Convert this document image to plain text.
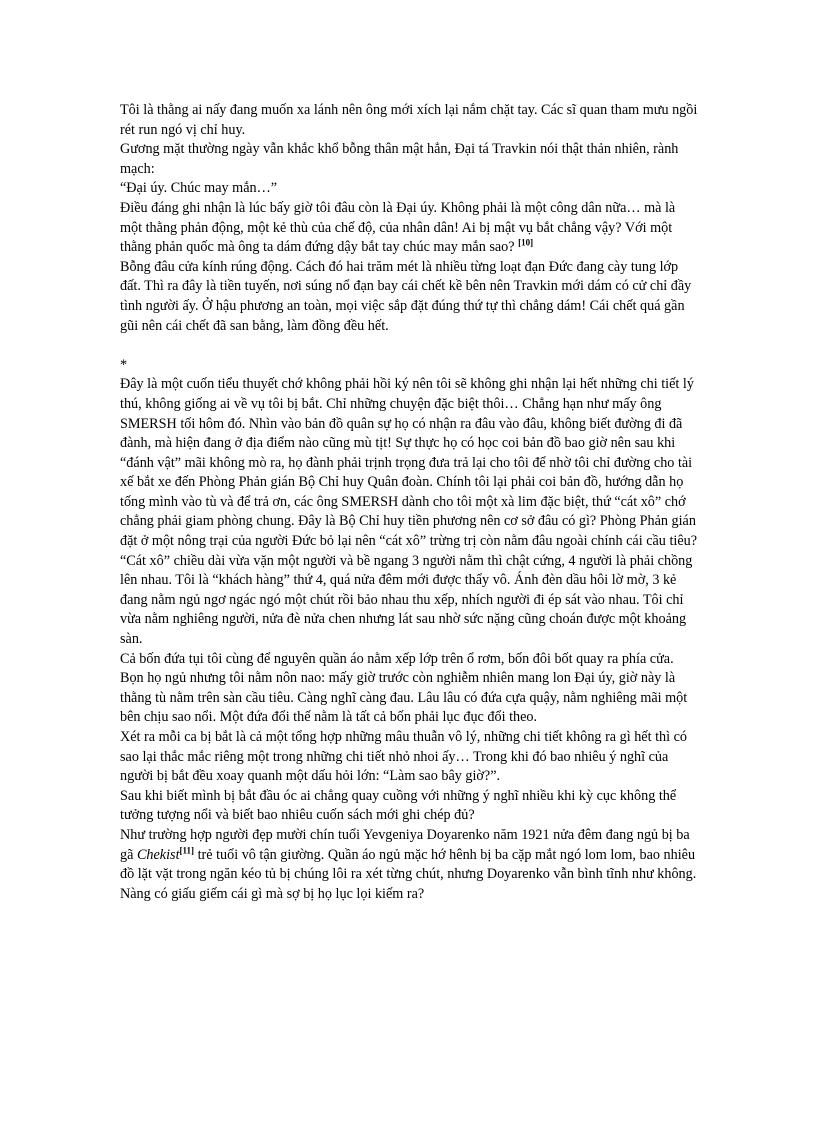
Tôi là thằng ai nấy đang muốn xa lánh nên ông mới xích lại nắm chặt tay. Các sĩ quan tham mưu ngồi rét run ngó vị chỉ huy.

Gương mặt thường ngày vẫn khắc khổ bỗng thân mật hẳn, Đại tá Travkin nói thật thản nhiên, rành mạch:

“Đại úy. Chúc may mắn…”

Điều đáng ghi nhận là lúc bấy giờ tôi đâu còn là Đại úy. Không phải là một công dân nữa… mà là một thằng phản động, một kẻ thù của chế độ, của nhân dân! Ai bị mật vụ bắt chẳng vậy? Với một thằng phản quốc mà ông ta dám đứng dậy bắt tay chúc may mắn sao? [10]

Bỗng đâu cửa kính rúng động. Cách đó hai trăm mét là nhiều từng loạt đạn Đức đang cày tung lớp đất. Thì ra đây là tiền tuyến, nơi súng nổ đạn bay cái chết kề bên nên Travkin mới dám có cử chỉ đầy tình người ấy. Ở hậu phương an toàn, mọi việc sắp đặt đúng thứ tự thì chẳng dám! Cái chết quá gần gũi nên cái chết đã san bằng, làm đồng đều hết.

*

Đây là một cuốn tiểu thuyết chớ không phải hồi ký nên tôi sẽ không ghi nhận lại hết những chi tiết lý thú, không giống ai về vụ tôi bị bắt. Chỉ những chuyện đặc biệt thôi… Chẳng hạn như mấy ông SMERSH tối hôm đó. Nhìn vào bản đồ quân sự họ có nhận ra đâu vào đâu, không biết đường đi đã đành, mà hiện đang ở địa điểm nào cũng mù tịt! Sự thực họ có học coi bản đồ bao giờ nên sau khi “đánh vật” mãi không mò ra, họ đành phải trịnh trọng đưa trả lại cho tôi để nhờ tôi chỉ đường cho tài xế bắt xe đến Phòng Phản gián Bộ Chỉ huy Quân đoàn. Chính tôi lại phải coi bản đồ, hướng dẫn họ tống mình vào tù và để trả ơn, các ông SMERSH dành cho tôi một xà lim đặc biệt, thứ “cát xô” chớ chẳng phải giam phòng chung. Đây là Bộ Chỉ huy tiền phương nên cơ sở đâu có gì? Phòng Phản gián đặt ở một nông trại của người Đức bỏ lại nên “cát xô” trừng trị còn nằm đâu ngoài chính cái cầu tiêu?

“Cát xô” chiều dài vừa vặn một người và bề ngang 3 người nằm thì chật cứng, 4 người là phải chồng lên nhau. Tôi là “khách hàng” thứ 4, quá nửa đêm mới được thẩy vô. Ánh đèn dầu hôi lờ mờ, 3 kẻ đang nằm ngủ ngơ ngác ngó một chút rồi bảo nhau thu xếp, nhích người đi ép sát vào nhau. Tôi chỉ vừa nằm nghiêng người, nửa đè nửa chen nhưng lát sau nhờ sức nặng cũng choán được một khoảng sàn.

Cả bốn đứa tụi tôi cùng để nguyên quần áo nằm xếp lớp trên ổ rơm, bốn đôi bốt quay ra phía cửa. Bọn họ ngủ nhưng tôi nằm nôn nao: mấy giờ trước còn nghiễm nhiên mang lon Đại úy, giờ này là thằng tù nằm trên sàn cầu tiêu. Càng nghĩ càng đau. Lâu lâu có đứa cựa quậy, nằm nghiêng mãi một bên chịu sao nổi. Một đứa đổi thế nằm là tất cả bốn phải lục đục đổi theo.

Xét ra mỗi ca bị bắt là cả một tổng hợp những mâu thuẫn vô lý, những chi tiết không ra gì hết thì có sao lại thắc mắc riêng một trong những chi tiết nhỏ nhoi ấy… Trong khi đó bao nhiêu ý nghĩ của người bị bắt đều xoay quanh một dấu hỏi lớn: “Làm sao bây giờ?”.

Sau khi biết mình bị bắt đầu óc ai chẳng quay cuồng với những ý nghĩ nhiều khi kỳ cục không thể tưởng tượng nổi và biết bao nhiêu cuốn sách mới ghi chép đủ?

Như trường hợp người đẹp mười chín tuổi Yevgeniya Doyarenko năm 1921 nửa đêm đang ngủ bị ba gã Chekist[11] trẻ tuổi vô tận giường. Quần áo ngủ mặc hớ hênh bị ba cặp mắt ngó lom lom, bao nhiêu đồ lặt vặt trong ngăn kéo tủ bị chúng lôi ra xét từng chút, nhưng Doyarenko vẫn bình tĩnh như không. Nàng có giấu giếm cái gì mà sợ bị họ lục lọi kiếm ra?
